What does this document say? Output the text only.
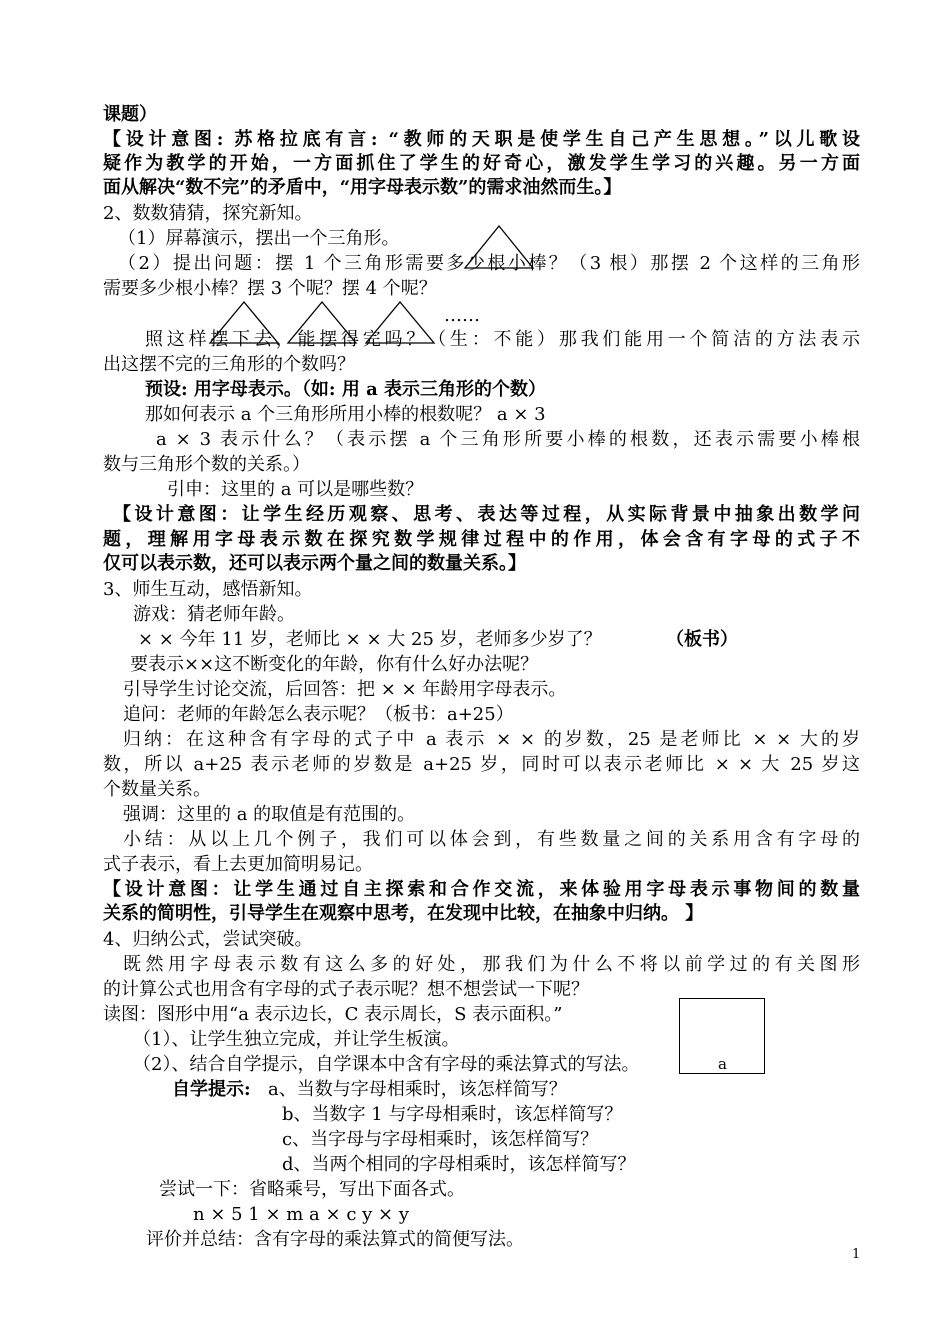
a
课题）
【设计意图: 苏格拉底有言: “教师的天职是使学生自己产生思想。”以儿歌设
疑作为教学的开始，一方面抓住了学生的好奇心，激发学生学习的兴趣。另一方面
面从解决“数不完”的矛盾中，“用字母表示数”的需求油然而生。】
2、数数猜猜，探究新知。
（1）屏幕演示，摆出一个三角形。
（2）提出问题：摆 1 个三角形需要多少根小棒？（3 根）那摆 2 个这样的三角形
需要多少根小棒？摆 3 个呢？摆 4 个呢？
……
照这样摆下去，能摆得完吗？（生：不能）那我们能用一个简洁的方法表示
出这摆不完的三角形的个数吗？
预设: 用字母表示。（如: 用 a 表示三角形的个数）
那如何表示 a 个三角形所用小棒的根数呢？ a × 3
a × 3 表示什么？（表示摆 a 个三角形所要小棒的根数，还表示需要小棒根
数与三角形个数的关系。）
引申：这里的 a 可以是哪些数？
【设计意图：让学生经历观察、思考、表达等过程，从实际背景中抽象出数学问
题，理解用字母表示数在探究数学规律过程中的作用，体会含有字母的式子不
仅可以表示数，还可以表示两个量之间的数量关系。】
3、师生互动，感悟新知。
游戏：猜老师年龄。
× × 今年 11 岁，老师比 × × 大 25 岁，老师多少岁了？	（板书）
要表示××这不断变化的年龄，你有什么好办法呢？
引导学生讨论交流，后回答：把 × × 年龄用字母表示。
追问：老师的年龄怎么表示呢？（板书：a+25）
归纳：在这种含有字母的式子中 a 表示 × × 的岁数，25 是老师比 × × 大的岁
数，所以 a+25 表示老师的岁数是 a+25 岁，同时可以表示老师比 × × 大 25 岁这
个数量关系。
强调：这里的 a 的取值是有范围的。
小结：从以上几个例子，我们可以体会到，有些数量之间的关系用含有字母的
式子表示，看上去更加简明易记。
【设计意图：让学生通过自主探索和合作交流，来体验用字母表示事物间的数量
关系的简明性，引导学生在观察中思考，在发现中比较，在抽象中归纳。 】
4、归纳公式，尝试突破。
既然用字母表示数有这么多的好处，那我们为什么不将以前学过的有关图形
的计算公式也用含有字母的式子表示呢？想不想尝试一下呢？
读图：图形中用“a 表示边长，C 表示周长，S 表示面积。”
（1）、让学生独立完成，并让学生板演。
（2）、结合自学提示，自学课本中含有字母的乘法算式的写法。
自学提示: a、当数与字母相乘时，该怎样简写？
b、当数字 1 与字母相乘时，该怎样简写？
c、当字母与字母相乘时，该怎样简写？
d、当两个相同的字母相乘时，该怎样简写？
尝试一下：省略乘号，写出下面各式。
n × 5 1 × m a × c y × y
评价并总结：含有字母的乘法算式的简便写法。
1
